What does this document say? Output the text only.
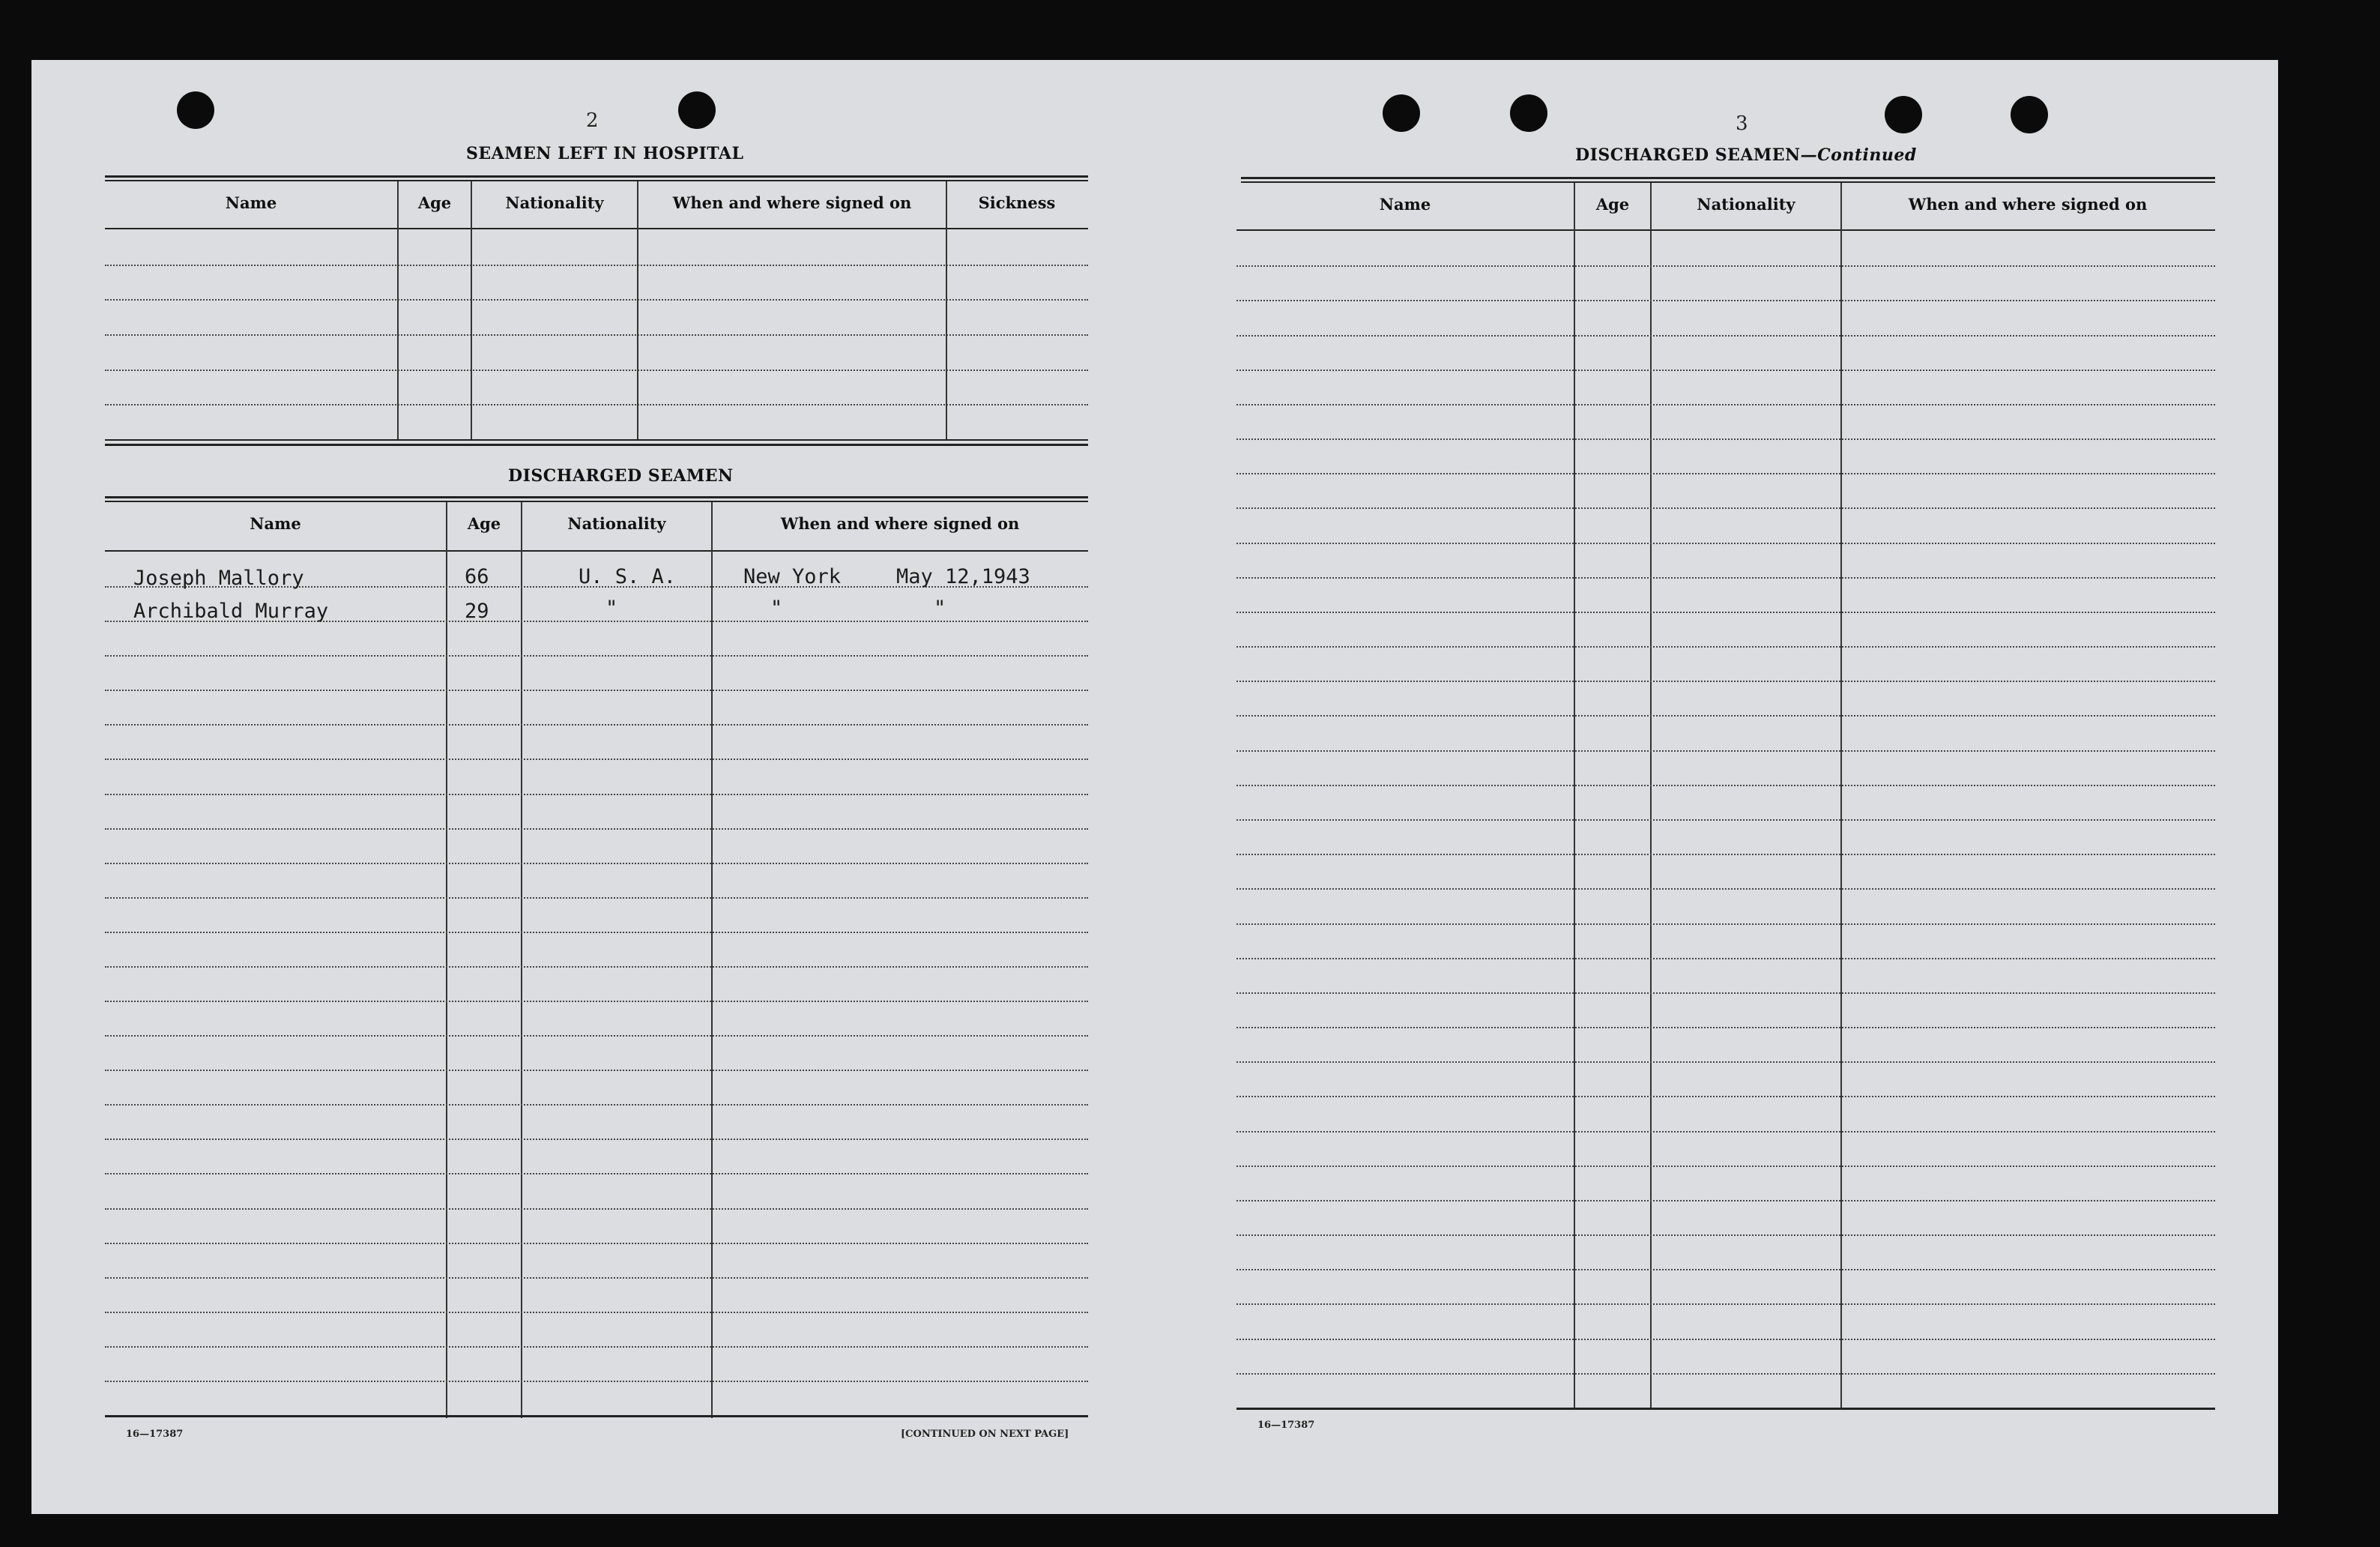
2
SEAMEN LEFT IN HOSPITAL
Name	Age	Nationality	When and where signed on	Sickness
DISCHARGED SEAMEN
Name	Age	Nationality	When and where signed on
Joseph Mallory	66	U. S. A.	New York	May 12,1943
Archibald Murray	29	"	"	"
16—17387	[CONTINUED ON NEXT PAGE]
3
DISCHARGED SEAMEN—Continued
Name	Age	Nationality	When and where signed on
16—17387
